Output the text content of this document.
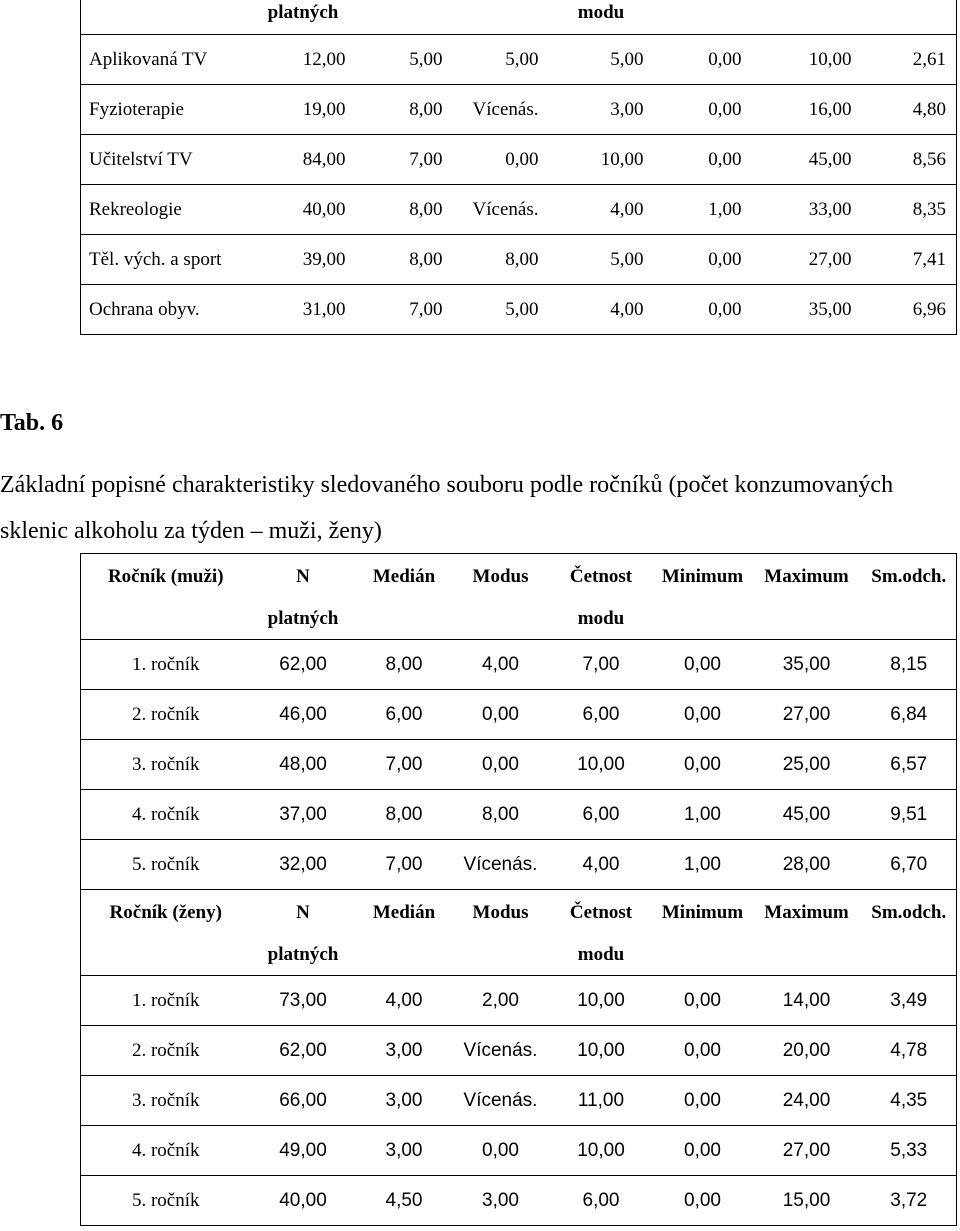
	platných			modu			
Aplikovaná TV	12,00	5,00	5,00	5,00	0,00	10,00	2,61
Fyzioterapie	19,00	8,00	Vícenás.	3,00	0,00	16,00	4,80
Učitelství TV	84,00	7,00	0,00	10,00	0,00	45,00	8,56
Rekreologie	40,00	8,00	Vícenás.	4,00	1,00	33,00	8,35
Těl. vých. a sport	39,00	8,00	8,00	5,00	0,00	27,00	7,41
Ochrana obyv.	31,00	7,00	5,00	4,00	0,00	35,00	6,96
Tab. 6

Základní popisné charakteristiky sledovaného souboru podle ročníků (počet konzumovaných sklenic alkoholu za týden – muži, ženy)

Ročník (muži)	N	Medián	Modus	Četnost	Minimum	Maximum	Sm.odch.
	platných			modu			
1. ročník	62,00	8,00	4,00	7,00	0,00	35,00	8,15
2. ročník	46,00	6,00	0,00	6,00	0,00	27,00	6,84
3. ročník	48,00	7,00	0,00	10,00	0,00	25,00	6,57
4. ročník	37,00	8,00	8,00	6,00	1,00	45,00	9,51
5. ročník	32,00	7,00	Vícenás.	4,00	1,00	28,00	6,70
Ročník (ženy)	N	Medián	Modus	Četnost	Minimum	Maximum	Sm.odch.
	platných			modu			
1. ročník	73,00	4,00	2,00	10,00	0,00	14,00	3,49
2. ročník	62,00	3,00	Vícenás.	10,00	0,00	20,00	4,78
3. ročník	66,00	3,00	Vícenás.	11,00	0,00	24,00	4,35
4. ročník	49,00	3,00	0,00	10,00	0,00	27,00	5,33
5. ročník	40,00	4,50	3,00	6,00	0,00	15,00	3,72
